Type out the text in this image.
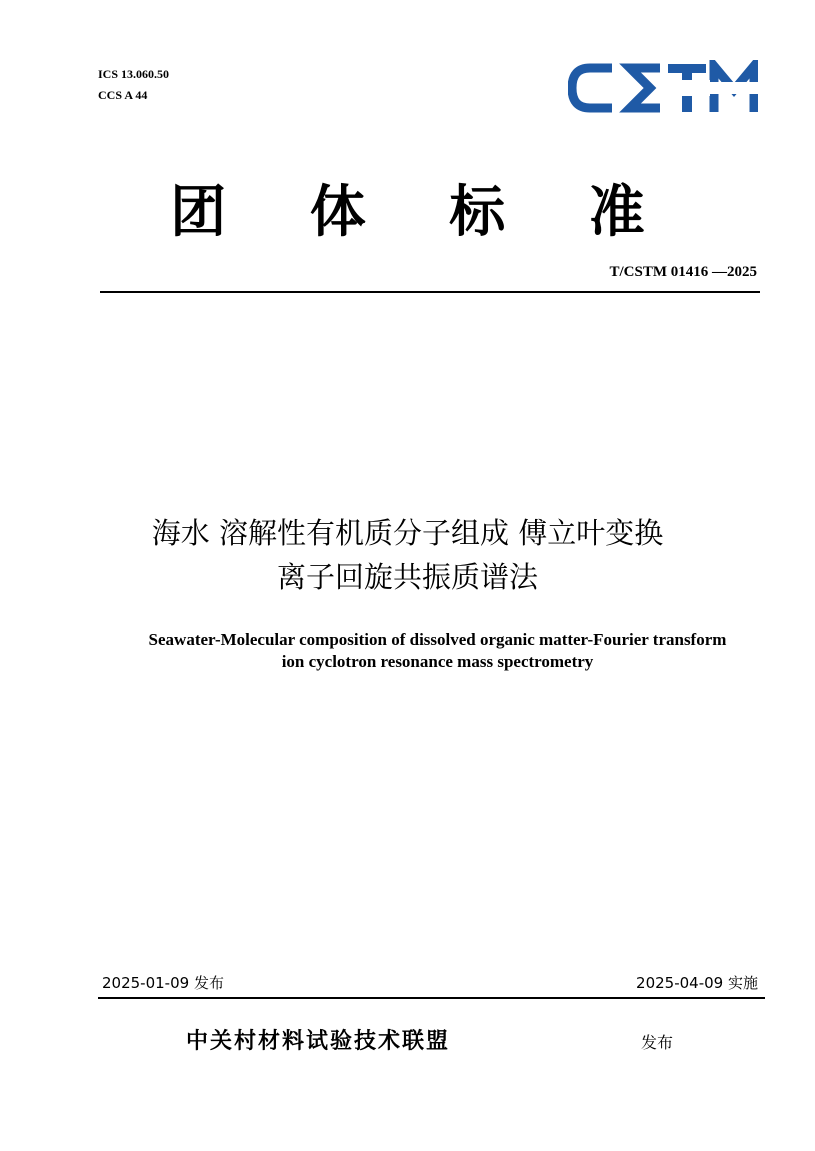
ICS 13.060.50
CCS A 44
团 体 标 准
T/CSTM 01416 —2025
海水 溶解性有机质分子组成 傅立叶变换
离子回旋共振质谱法
Seawater-Molecular composition of dissolved organic matter-Fourier transform
ion cyclotron resonance mass spectrometry
2025-01-09 发布	2025-04-09 实施
中关村材料试验技术联盟	发布
